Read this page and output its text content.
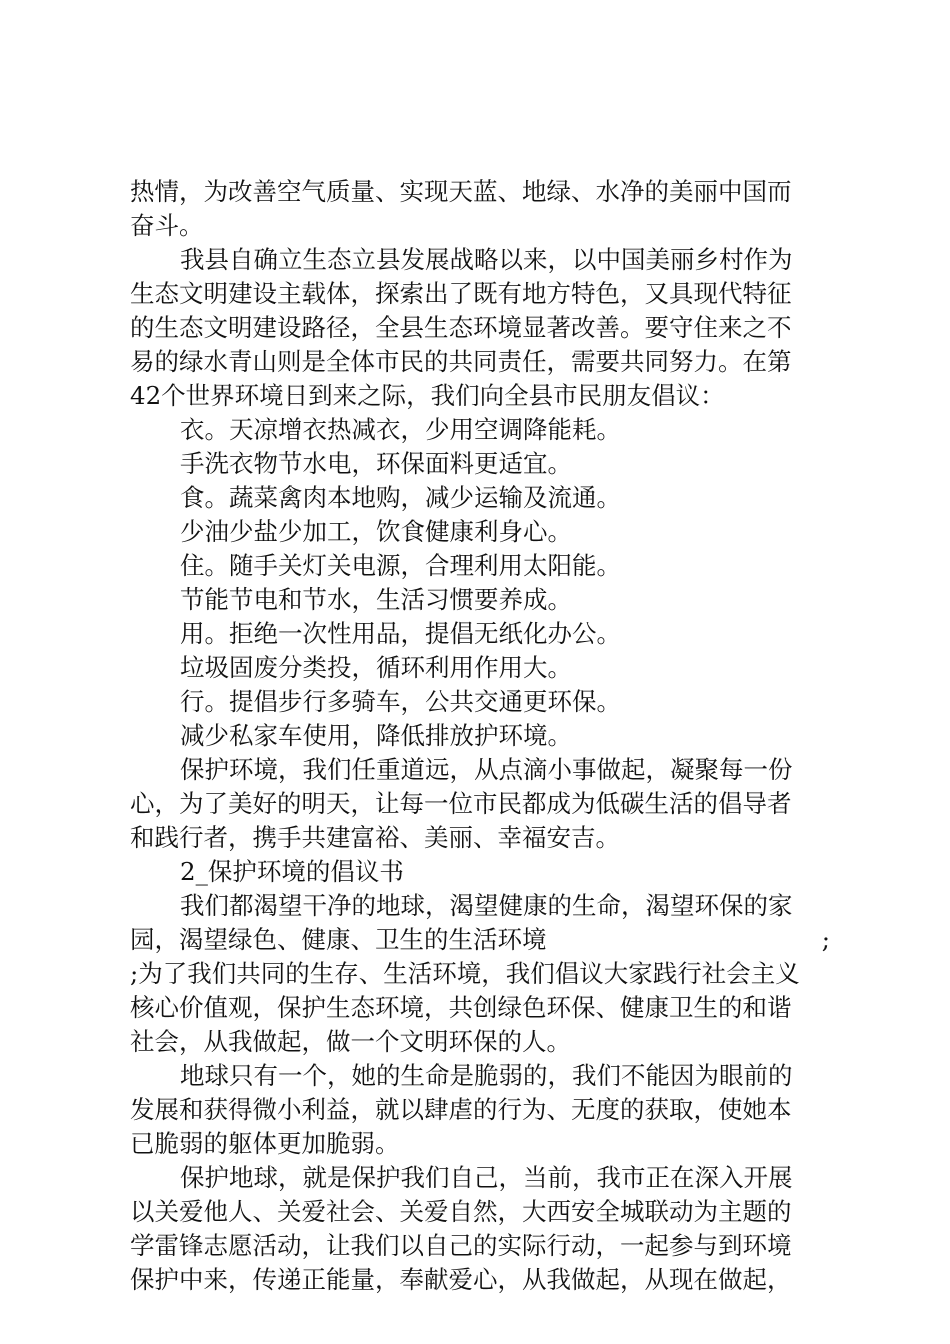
热情，为改善空气质量、实现天蓝、地绿、水净的美丽中国而
奋斗。
我县自确立生态立县发展战略以来，以中国美丽乡村作为
生态文明建设主载体，探索出了既有地方特色，又具现代特征
的生态文明建设路径，全县生态环境显著改善。要守住来之不
易的绿水青山则是全体市民的共同责任，需要共同努力。在第
42个世界环境日到来之际，我们向全县市民朋友倡议：
衣。天凉增衣热减衣，少用空调降能耗。
手洗衣物节水电，环保面料更适宜。
食。蔬菜禽肉本地购，减少运输及流通。
少油少盐少加工，饮食健康利身心。
住。随手关灯关电源，合理利用太阳能。
节能节电和节水，生活习惯要养成。
用。拒绝一次性用品，提倡无纸化办公。
垃圾固废分类投，循环利用作用大。
行。提倡步行多骑车，公共交通更环保。
减少私家车使用，降低排放护环境。
保护环境，我们任重道远，从点滴小事做起，凝聚每一份
心，为了美好的明天，让每一位市民都成为低碳生活的倡导者
和践行者，携手共建富裕、美丽、幸福安吉。
2_保护环境的倡议书
我们都渴望干净的地球，渴望健康的生命，渴望环保的家
园，渴望绿色、健康、卫生的生活环境	;
;为了我们共同的生存、生活环境，我们倡议大家践行社会主义
核心价值观，保护生态环境，共创绿色环保、健康卫生的和谐
社会，从我做起，做一个文明环保的人。
地球只有一个，她的生命是脆弱的，我们不能因为眼前的
发展和获得微小利益，就以肆虐的行为、无度的获取，使她本
已脆弱的躯体更加脆弱。
保护地球，就是保护我们自己，当前，我市正在深入开展
以关爱他人、关爱社会、关爱自然，大西安全城联动为主题的
学雷锋志愿活动，让我们以自己的实际行动，一起参与到环境
保护中来，传递正能量，奉献爱心，从我做起，从现在做起，
